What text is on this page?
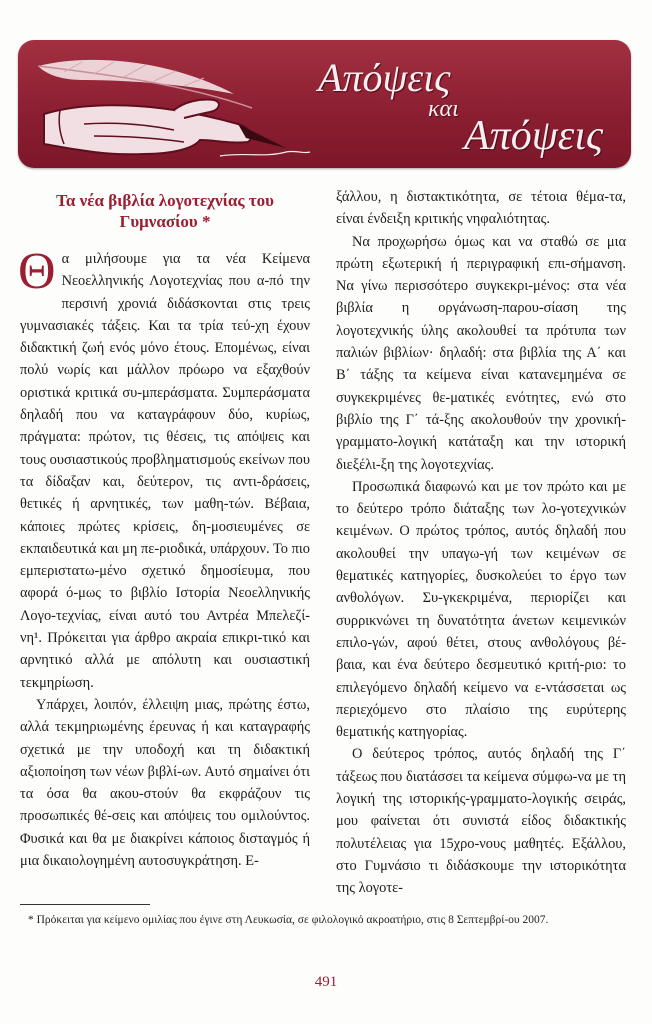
Απόψεις
και
Απόψεις
Τα νέα βιβλία λογοτεχνίας του Γυμνασίου *

Θα μιλήσουμε για τα νέα Κείμενα Νεοελληνικής Λογοτεχνίας που α-πό την περσινή χρονιά διδάσκονται στις τρεις γυμνασιακές τάξεις. Και τα τρία τεύ-χη έχουν διδακτική ζωή ενός μόνο έτους. Επομένως, είναι πολύ νωρίς και μάλλον πρόωρο να εξαχθούν οριστικά κριτικά συ-μπεράσματα. Συμπεράσματα δηλαδή που να καταγράφουν δύο, κυρίως, πράγματα: πρώτον, τις θέσεις, τις απόψεις και τους ουσιαστικούς προβληματισμούς εκείνων που τα δίδαξαν και, δεύτερον, τις αντι-δράσεις, θετικές ή αρνητικές, των μαθη-τών. Βέβαια, κάποιες πρώτες κρίσεις, δη-μοσιευμένες σε εκπαιδευτικά και μη πε-ριοδικά, υπάρχουν. Το πιο εμπεριστατω-μένο σχετικό δημοσίευμα, που αφορά ό-μως το βιβλίο Ιστορία Νεοελληνικής Λογο-τεχνίας, είναι αυτό του Αντρέα Μπελεζί-νη¹. Πρόκειται για άρθρο ακραία επικρι-τικό και αρνητικό αλλά με απόλυτη και ουσιαστική τεκμηρίωση.

Υπάρχει, λοιπόν, έλλειψη μιας, πρώτης έστω, αλλά τεκμηριωμένης έρευνας ή και καταγραφής σχετικά με την υποδοχή και τη διδακτική αξιοποίηση των νέων βιβλί-ων. Αυτό σημαίνει ότι τα όσα θα ακου-στούν θα εκφράζουν τις προσωπικές θέ-σεις και απόψεις του ομιλούντος. Φυσικά και θα με διακρίνει κάποιος δισταγμός ή μια δικαιολογημένη αυτοσυγκράτηση. Ε-

ξάλλου, η διστακτικότητα, σε τέτοια θέμα-τα, είναι ένδειξη κριτικής νηφαλιότητας.

Να προχωρήσω όμως και να σταθώ σε μια πρώτη εξωτερική ή περιγραφική επι-σήμανση. Να γίνω περισσότερο συγκεκρι-μένος: στα νέα βιβλία η οργάνωση-παρου-σίαση της λογοτεχνικής ύλης ακολουθεί τα πρότυπα των παλιών βιβλίων· δηλαδή: στα βιβλία της Α΄ και Β΄ τάξης τα κείμενα είναι κατανεμημένα σε συγκεκριμένες θε-ματικές ενότητες, ενώ στο βιβλίο της Γ΄ τά-ξης ακολουθούν την χρονική-γραμματο-λογική κατάταξη και την ιστορική διεξέλι-ξη της λογοτεχνίας.

Προσωπικά διαφωνώ και με τον πρώτο και με το δεύτερο τρόπο διάταξης των λο-γοτεχνικών κειμένων. Ο πρώτος τρόπος, αυτός δηλαδή που ακολουθεί την υπαγω-γή των κειμένων σε θεματικές κατηγορίες, δυσκολεύει το έργο των ανθολόγων. Συ-γκεκριμένα, περιορίζει και συρρικνώνει τη δυνατότητα άνετων κειμενικών επιλο-γών, αφού θέτει, στους ανθολόγους βέ-βαια, και ένα δεύτερο δεσμευτικό κριτή-ριο: το επιλεγόμενο δηλαδή κείμενο να ε-ντάσσεται ως περιεχόμενο στο πλαίσιο της ευρύτερης θεματικής κατηγορίας.

Ο δεύτερος τρόπος, αυτός δηλαδή της Γ΄ τάξεως που διατάσσει τα κείμενα σύμφω-να με τη λογική της ιστορικής-γραμματο-λογικής σειράς, μου φαίνεται ότι συνιστά είδος διδακτικής πολυτέλειας για 15χρο-νους μαθητές. Εξάλλου, στο Γυμνάσιο τι διδάσκουμε την ιστορικότητα της λογοτε-

* Πρόκειται για κείμενο ομιλίας που έγινε στη Λευκωσία, σε φιλολογικό ακροατήριο, στις 8 Σεπτεμβρί-ου 2007.
491
